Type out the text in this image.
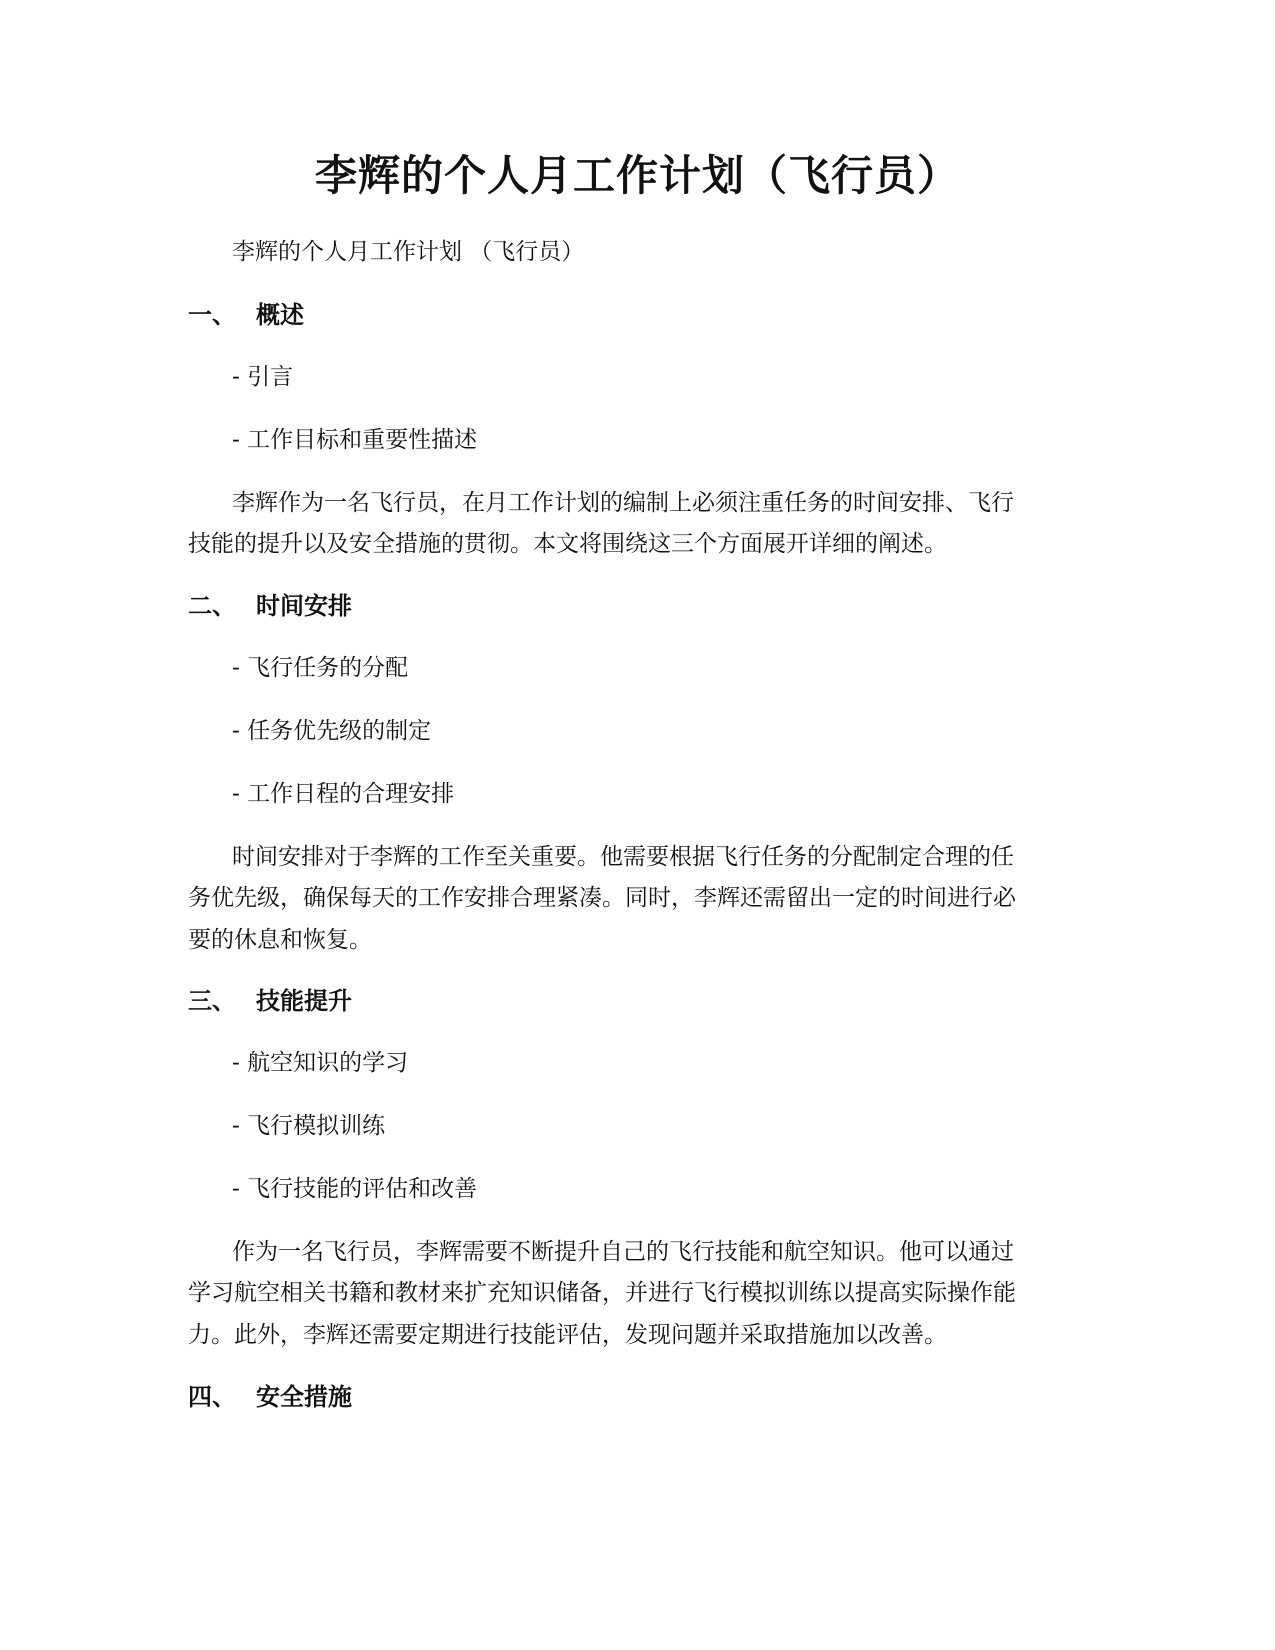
李辉的个人月工作计划（飞行员）
李辉的个人月工作计划 （飞行员）
一、 概述
- 引言
- 工作目标和重要性描述
李辉作为一名飞行员，在月工作计划的编制上必须注重任务的时间安排、飞行
技能的提升以及安全措施的贯彻。本文将围绕这三个方面展开详细的阐述。
二、 时间安排
- 飞行任务的分配
- 任务优先级的制定
- 工作日程的合理安排
时间安排对于李辉的工作至关重要。他需要根据飞行任务的分配制定合理的任
务优先级，确保每天的工作安排合理紧凑。同时，李辉还需留出一定的时间进行必
要的休息和恢复。
三、 技能提升
- 航空知识的学习
- 飞行模拟训练
- 飞行技能的评估和改善
作为一名飞行员，李辉需要不断提升自己的飞行技能和航空知识。他可以通过
学习航空相关书籍和教材来扩充知识储备，并进行飞行模拟训练以提高实际操作能
力。此外，李辉还需要定期进行技能评估，发现问题并采取措施加以改善。
四、 安全措施
